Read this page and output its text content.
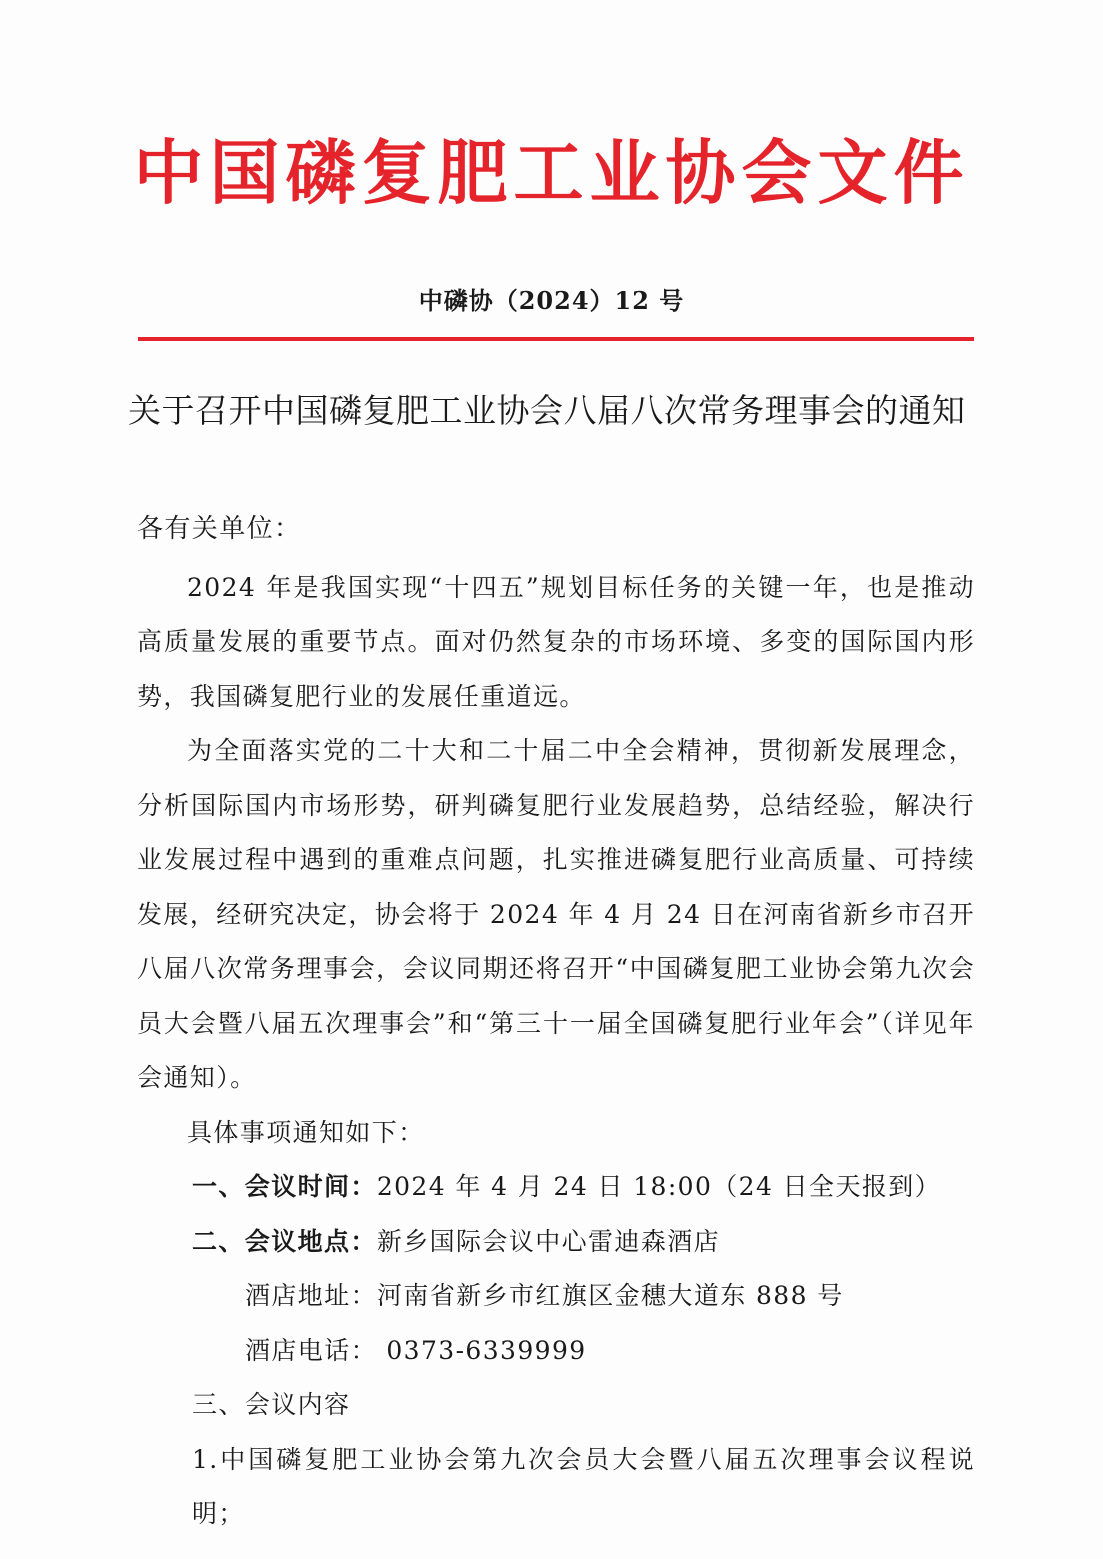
中国磷复肥工业协会文件
中磷协（2024）12 号
关于召开中国磷复肥工业协会八届八次常务理事会的通知

各有关单位：

2024 年是我国实现“十四五”规划目标任务的关键一年，也是推动高质量发展的重要节点。面对仍然复杂的市场环境、多变的国际国内形势，我国磷复肥行业的发展任重道远。

为全面落实党的二十大和二十届二中全会精神，贯彻新发展理念，分析国际国内市场形势，研判磷复肥行业发展趋势，总结经验，解决行业发展过程中遇到的重难点问题，扎实推进磷复肥行业高质量、可持续发展，经研究决定，协会将于 2024 年 4 月 24 日在河南省新乡市召开八届八次常务理事会，会议同期还将召开“中国磷复肥工业协会第九次会员大会暨八届五次理事会”和“第三十一届全国磷复肥行业年会”（详见年会通知）。

具体事项通知如下：

一、会议时间：2024 年 4 月 24 日 18:00（24 日全天报到）

二、会议地点：新乡国际会议中心雷迪森酒店

酒店地址：河南省新乡市红旗区金穗大道东 888 号

酒店电话： 0373-6339999

三、会议内容

1.中国磷复肥工业协会第九次会员大会暨八届五次理事会议程说明；
